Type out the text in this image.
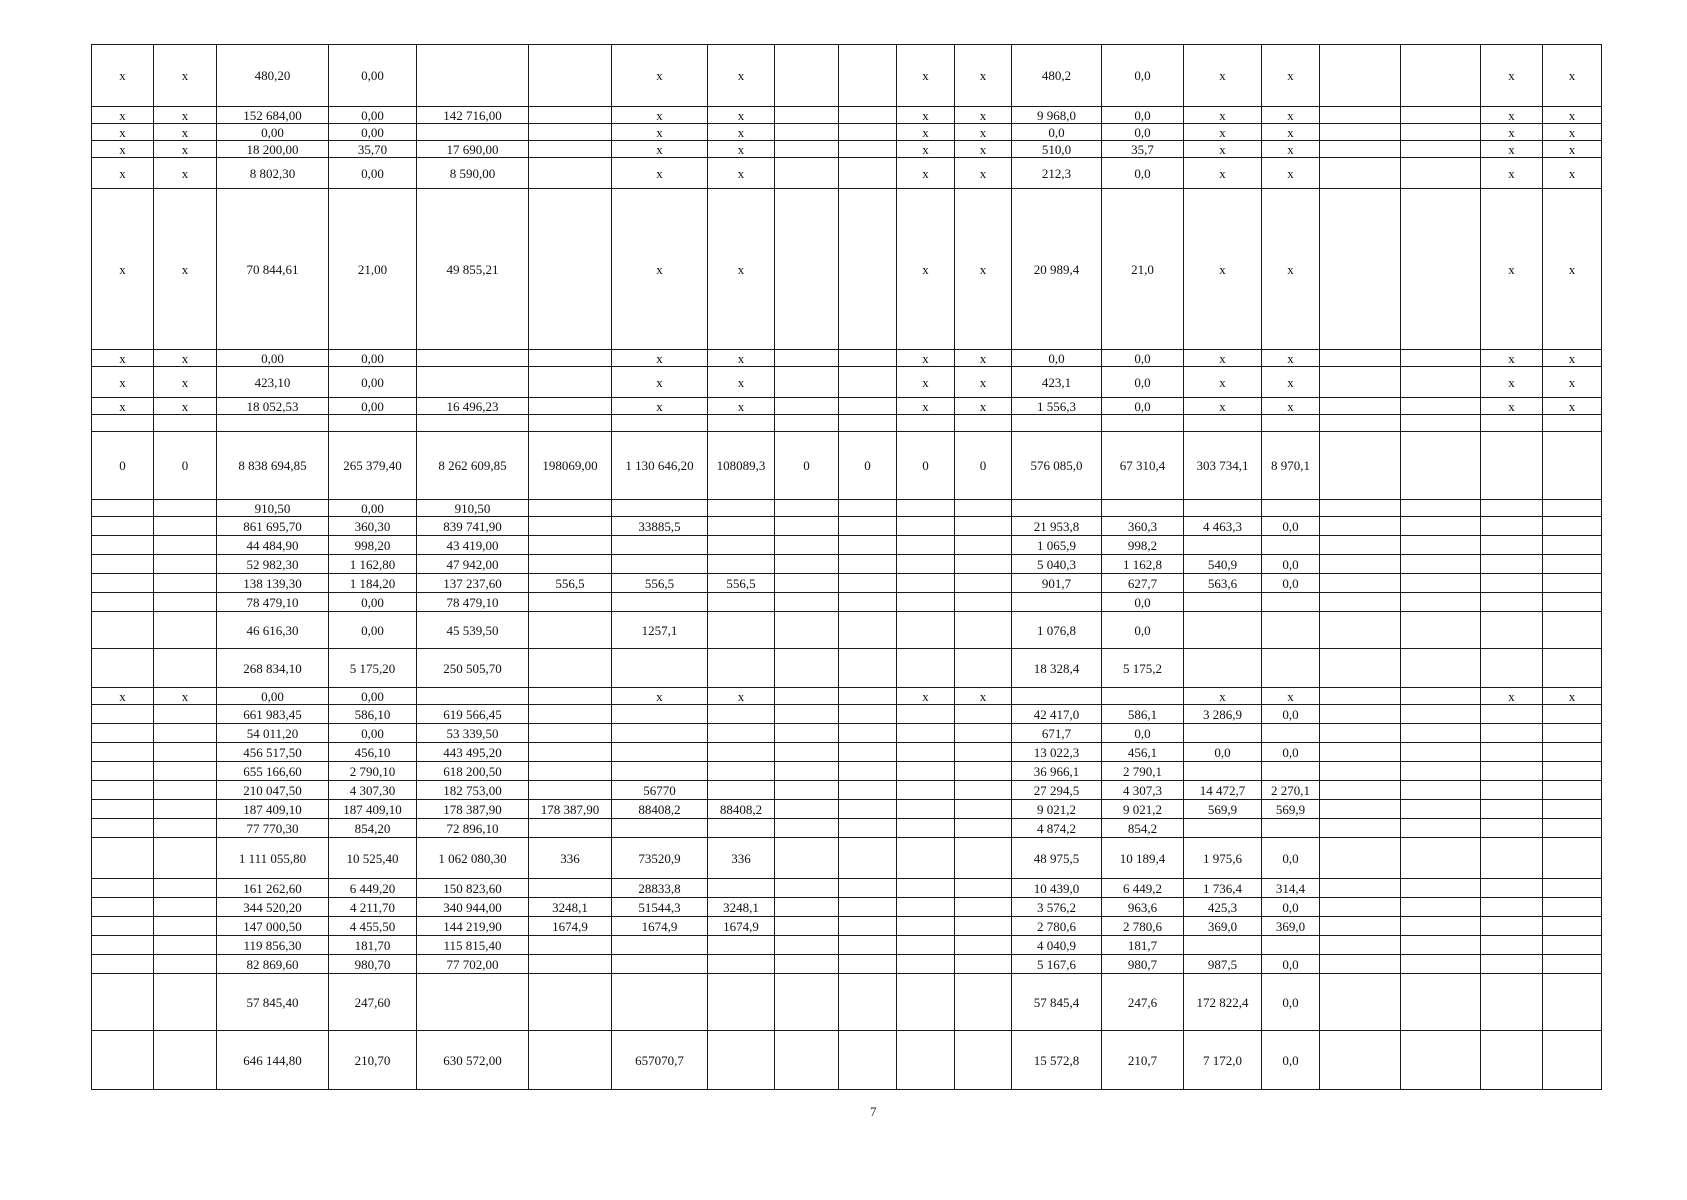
x	x	480,20	0,00			x	x			x	x	480,2	0,0	x	x			x	x
x	x	152 684,00	0,00	142 716,00		x	x			x	x	9 968,0	0,0	x	x			x	x
x	x	0,00	0,00			x	x			x	x	0,0	0,0	x	x			x	x
x	x	18 200,00	35,70	17 690,00		x	x			x	x	510,0	35,7	x	x			x	x
x	x	8 802,30	0,00	8 590,00		x	x			x	x	212,3	0,0	x	x			x	x
x	x	70 844,61	21,00	49 855,21		x	x			x	x	20 989,4	21,0	x	x			x	x
x	x	0,00	0,00			x	x			x	x	0,0	0,0	x	x			x	x
x	x	423,10	0,00			x	x			x	x	423,1	0,0	x	x			x	x
x	x	18 052,53	0,00	16 496,23		x	x			x	x	1 556,3	0,0	x	x			x	x

0	0	8 838 694,85	265 379,40	8 262 609,85	198069,00	1 130 646,20	108089,3	0	0	0	0	576 085,0	67 310,4	303 734,1	8 970,1				
		910,50	0,00	910,50															
		861 695,70	360,30	839 741,90		33885,5						21 953,8	360,3	4 463,3	0,0				
		44 484,90	998,20	43 419,00								1 065,9	998,2						
		52 982,30	1 162,80	47 942,00								5 040,3	1 162,8	540,9	0,0				
		138 139,30	1 184,20	137 237,60	556,5	556,5	556,5					901,7	627,7	563,6	0,0				
		78 479,10	0,00	78 479,10									0,0						
		46 616,30	0,00	45 539,50		1257,1						1 076,8	0,0						
		268 834,10	5 175,20	250 505,70								18 328,4	5 175,2						
x	x	0,00	0,00			x	x			x	x			x	x			x	x
		661 983,45	586,10	619 566,45								42 417,0	586,1	3 286,9	0,0				
		54 011,20	0,00	53 339,50								671,7	0,0						
		456 517,50	456,10	443 495,20								13 022,3	456,1	0,0	0,0				
		655 166,60	2 790,10	618 200,50								36 966,1	2 790,1						
		210 047,50	4 307,30	182 753,00		56770						27 294,5	4 307,3	14 472,7	2 270,1				
		187 409,10	187 409,10	178 387,90	178 387,90	88408,2	88408,2					9 021,2	9 021,2	569,9	569,9				
		77 770,30	854,20	72 896,10								4 874,2	854,2						
		1 111 055,80	10 525,40	1 062 080,30	336	73520,9	336					48 975,5	10 189,4	1 975,6	0,0				
		161 262,60	6 449,20	150 823,60		28833,8						10 439,0	6 449,2	1 736,4	314,4				
		344 520,20	4 211,70	340 944,00	3248,1	51544,3	3248,1					3 576,2	963,6	425,3	0,0				
		147 000,50	4 455,50	144 219,90	1674,9	1674,9	1674,9					2 780,6	2 780,6	369,0	369,0				
		119 856,30	181,70	115 815,40								4 040,9	181,7						
		82 869,60	980,70	77 702,00								5 167,6	980,7	987,5	0,0				
		57 845,40	247,60									57 845,4	247,6	172 822,4	0,0				
		646 144,80	210,70	630 572,00		657070,7						15 572,8	210,7	7 172,0	0,0				
7
